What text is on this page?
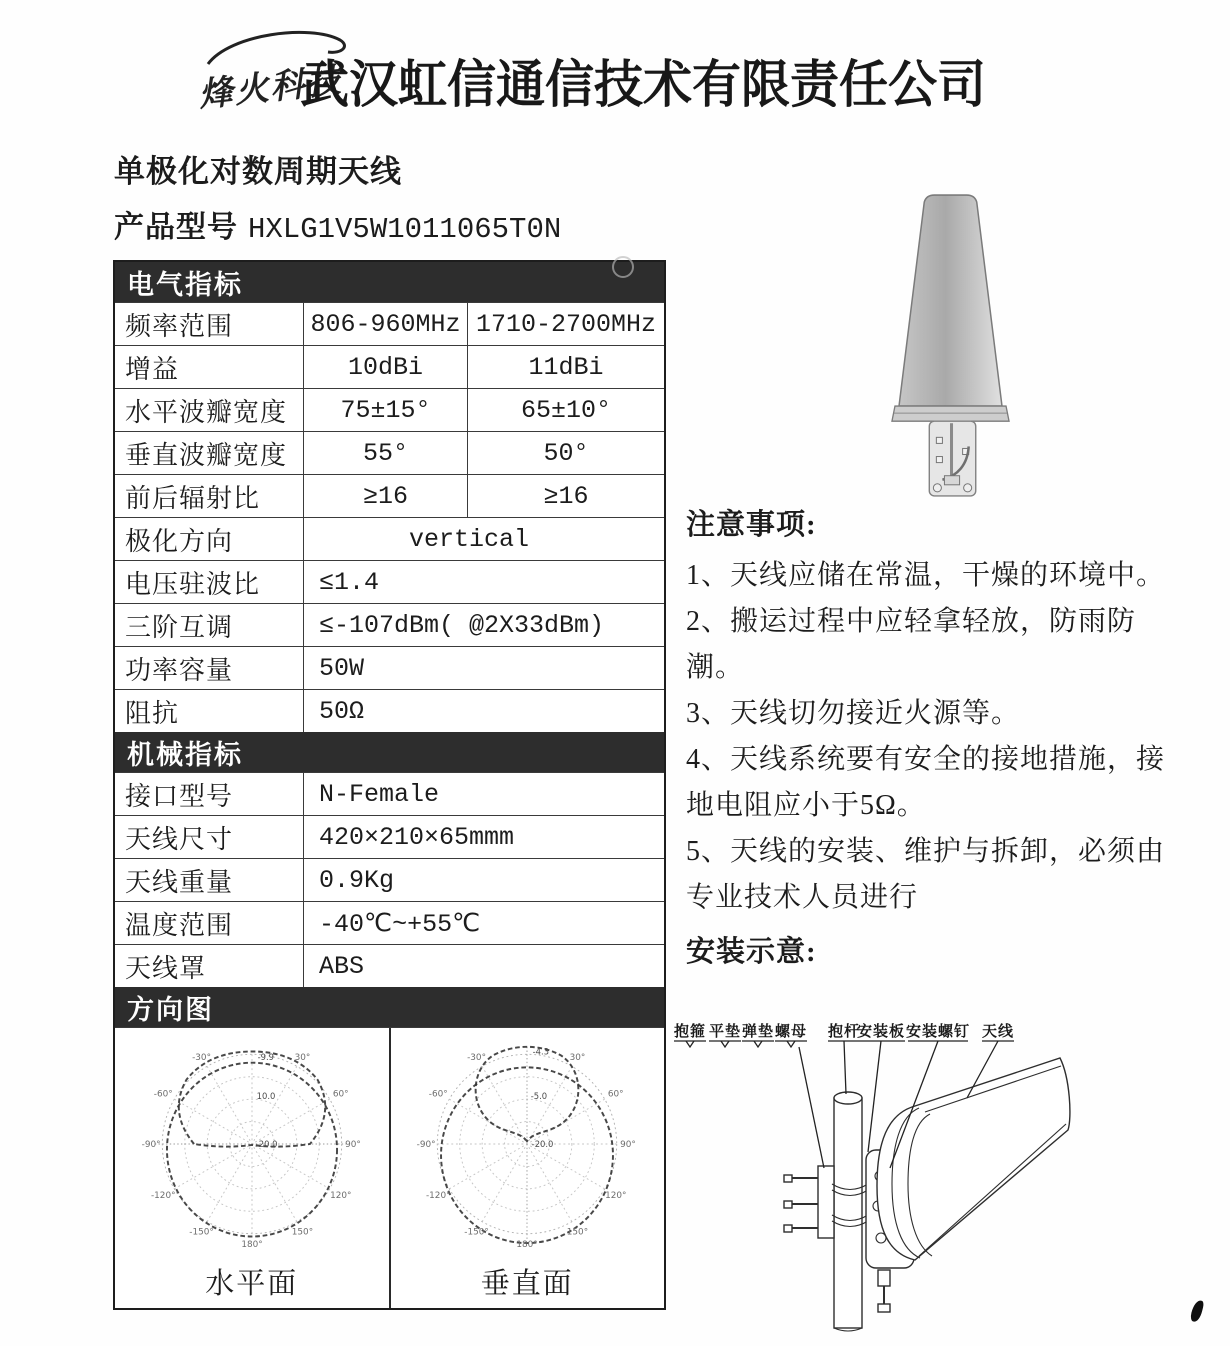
烽火科技
武汉虹信通信技术有限责任公司
单极化对数周期天线
产品型号 HXLG1V5W1011065T0N
电气指标
频率范围	806-960MHz 1710-2700MHz
增益	10dBi	11dBi
水平波瓣宽度	75±15°	65±10°
垂直波瓣宽度	55°	50°
前后辐射比	≥16	≥16
极化方向	vertical
电压驻波比	≤1.4
三阶互调	≤-107dBm( @2X33dBm)
功率容量	50W
阻抗	50Ω
机械指标
接口型号	N-Female
天线尺寸	420×210×65mmm
天线重量	0.9Kg
温度范围	-40℃~+55℃
天线罩	ABS
方向图
-30°	30°
-60°	60°
-90°	90°
-120°	120°
-150°	150°
180°
-9.9
10.0
-20.0
水平面
-30°	30°
-60°	60°
-90°	90°
-120°	120°
-150°	150°
180°
-4.3
-5.0
-20.0
垂直面
注意事项:
1、天线应储在常温，干燥的环境中。
2、搬运过程中应轻拿轻放，防雨防潮。
3、天线切勿接近火源等。
4、天线系统要有安全的接地措施，接地电阻应小于5Ω。
5、天线的安装、维护与拆卸，必须由专业技术人员进行
安装示意:
抱箍 平垫 弹垫 螺母 抱杆
安装板 安装螺钉 天线
